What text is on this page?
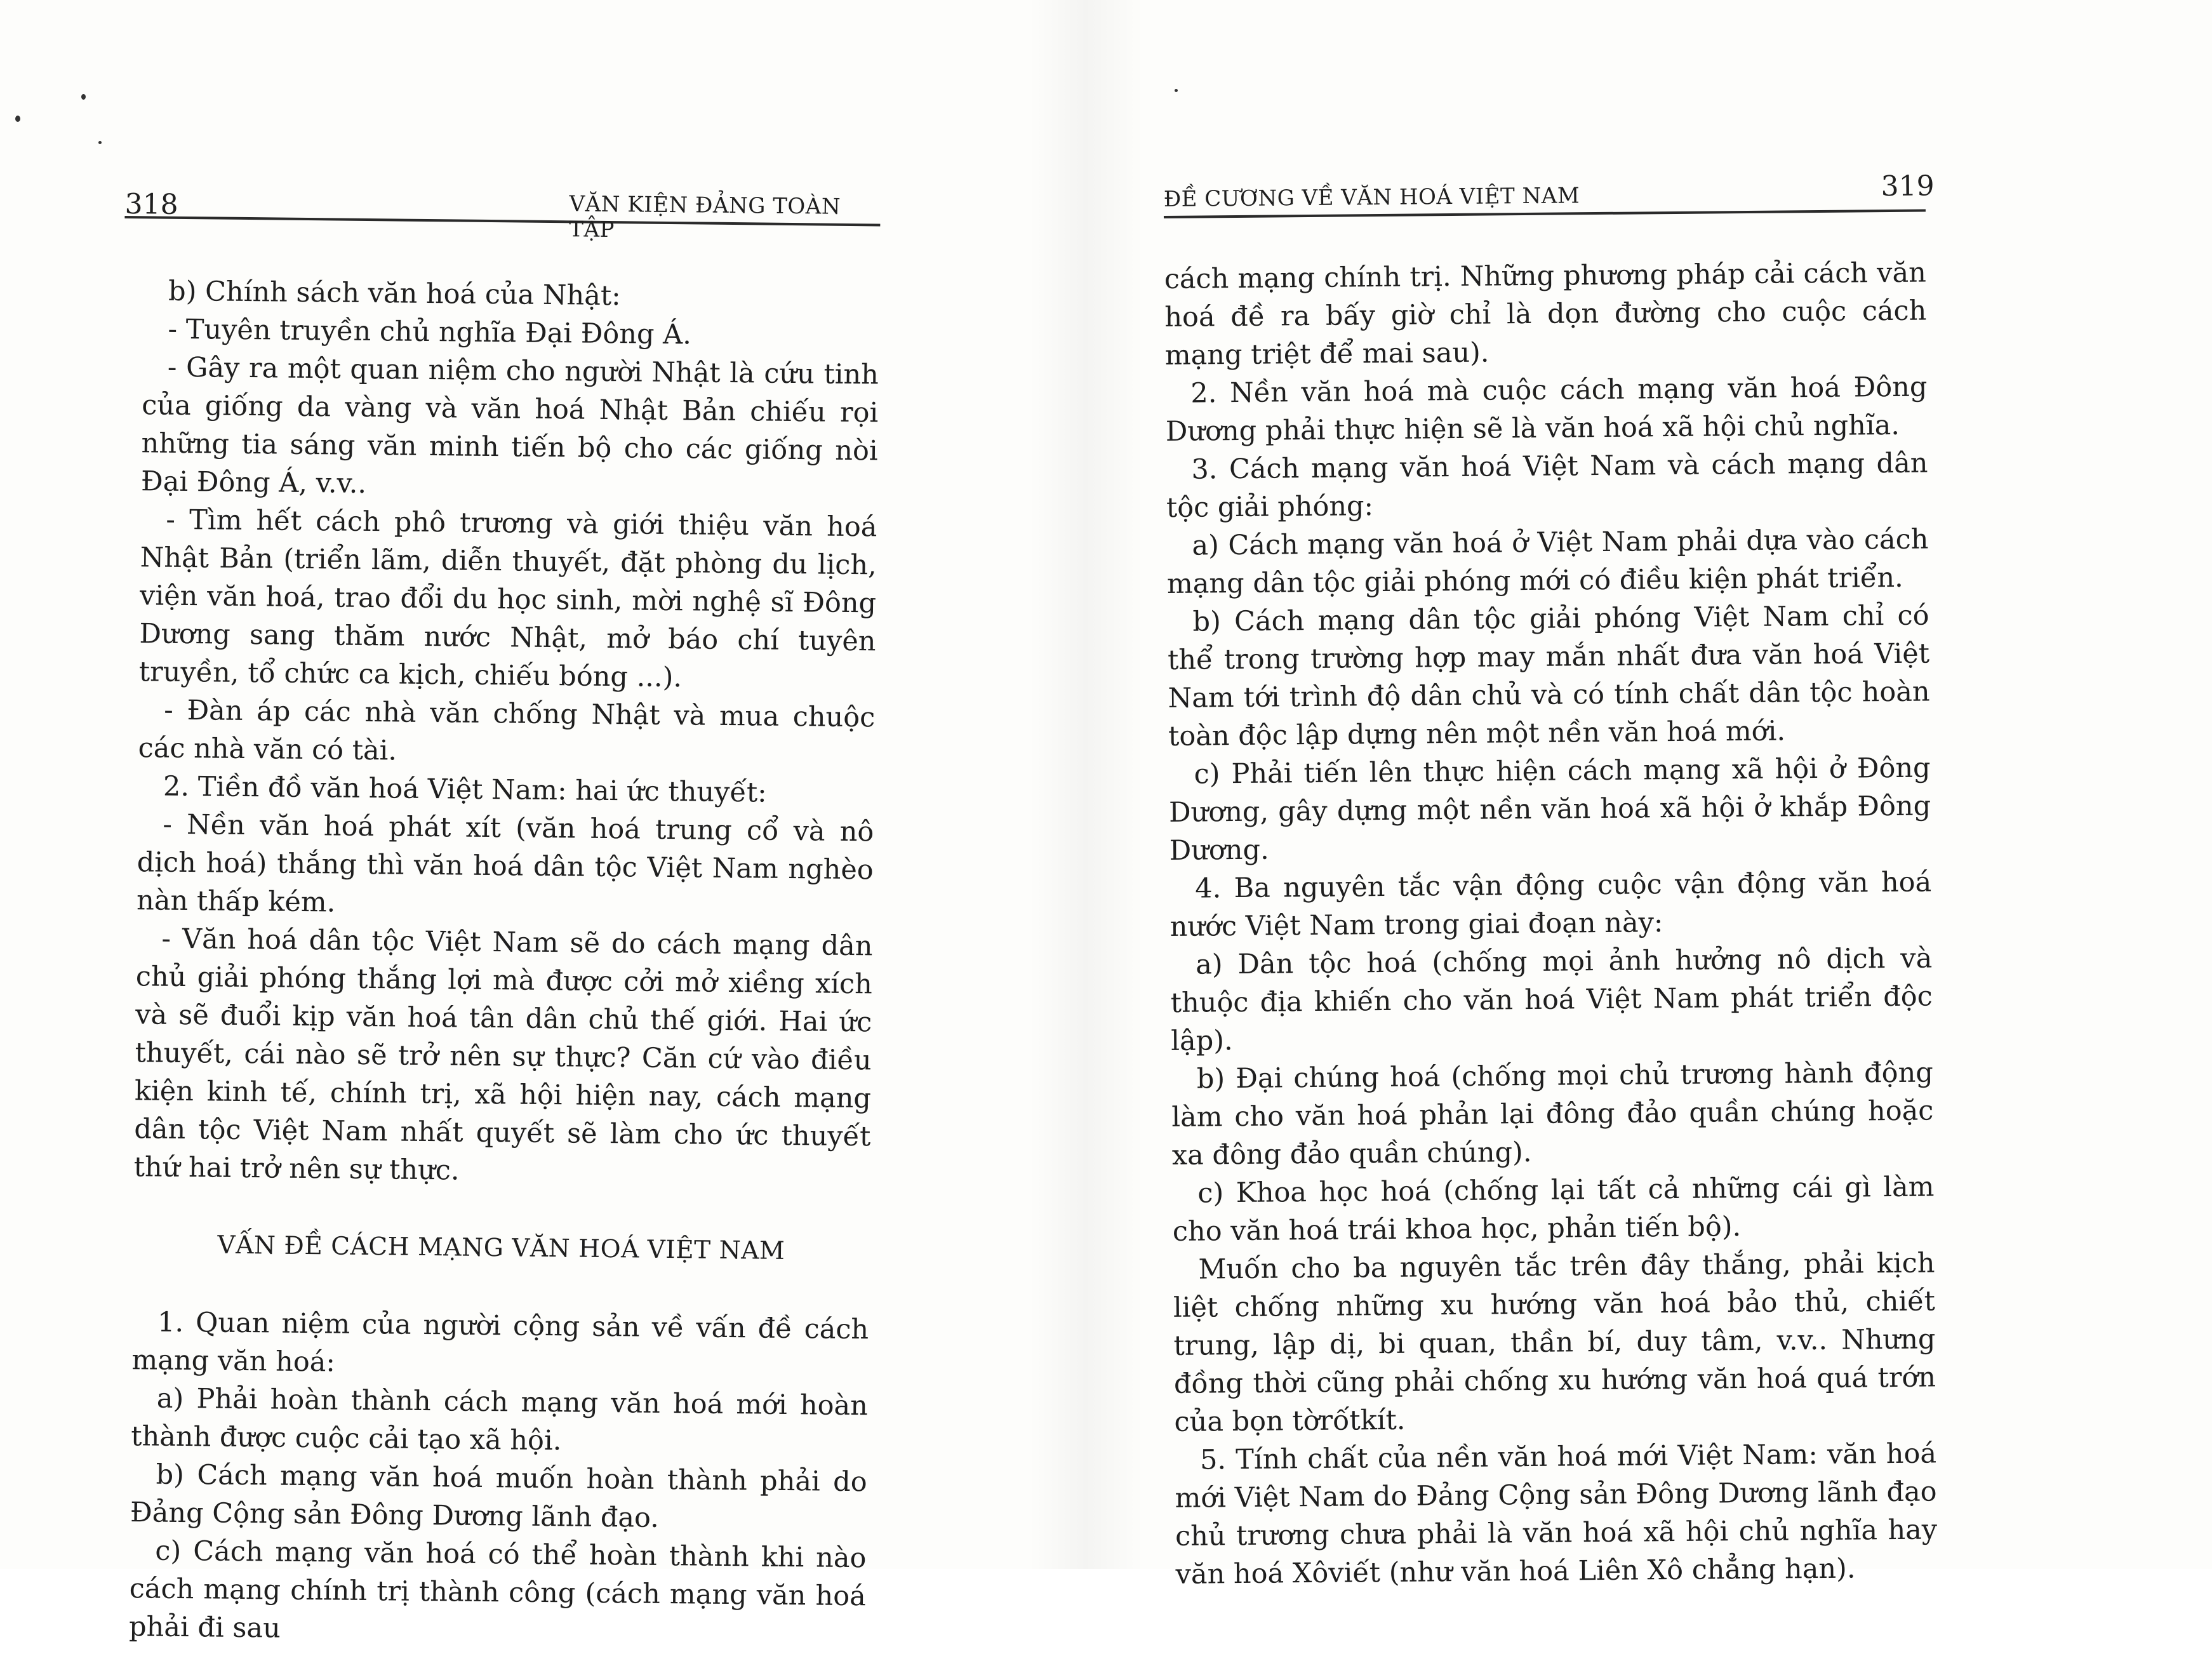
318	VĂN KIỆN ĐẢNG TOÀN TẬP

b) Chính sách văn hoá của Nhật:

- Tuyên truyền chủ nghĩa Đại Đông Á.

- Gây ra một quan niệm cho người Nhật là cứu tinh của giống da vàng và văn hoá Nhật Bản chiếu rọi những tia sáng văn minh tiến bộ cho các giống nòi Đại Đông Á, v.v..

- Tìm hết cách phô trương và giới thiệu văn hoá Nhật Bản (triển lãm, diễn thuyết, đặt phòng du lịch, viện văn hoá, trao đổi du học sinh, mời nghệ sĩ Đông Dương sang thăm nước Nhật, mở báo chí tuyên truyền, tổ chức ca kịch, chiếu bóng ...).

- Đàn áp các nhà văn chống Nhật và mua chuộc các nhà văn có tài.

2. Tiền đồ văn hoá Việt Nam: hai ức thuyết:

- Nền văn hoá phát xít (văn hoá trung cổ và nô dịch hoá) thắng thì văn hoá dân tộc Việt Nam nghèo nàn thấp kém.

- Văn hoá dân tộc Việt Nam sẽ do cách mạng dân chủ giải phóng thắng lợi mà được cởi mở xiềng xích và sẽ đuổi kịp văn hoá tân dân chủ thế giới. Hai ức thuyết, cái nào sẽ trở nên sự thực? Căn cứ vào điều kiện kinh tế, chính trị, xã hội hiện nay, cách mạng dân tộc Việt Nam nhất quyết sẽ làm cho ức thuyết thứ hai trở nên sự thực.

VẤN ĐỀ CÁCH MẠNG VĂN HOÁ VIỆT NAM

1. Quan niệm của người cộng sản về vấn đề cách mạng văn hoá:

a) Phải hoàn thành cách mạng văn hoá mới hoàn thành được cuộc cải tạo xã hội.

b) Cách mạng văn hoá muốn hoàn thành phải do Đảng Cộng sản Đông Dương lãnh đạo.

c) Cách mạng văn hoá có thể hoàn thành khi nào cách mạng chính trị thành công (cách mạng văn hoá phải đi sau

ĐỀ CƯƠNG VỀ VĂN HOÁ VIỆT NAM	319

cách mạng chính trị. Những phương pháp cải cách văn hoá đề ra bấy giờ chỉ là dọn đường cho cuộc cách mạng triệt để mai sau).

2. Nền văn hoá mà cuộc cách mạng văn hoá Đông Dương phải thực hiện sẽ là văn hoá xã hội chủ nghĩa.

3. Cách mạng văn hoá Việt Nam và cách mạng dân tộc giải phóng:

a) Cách mạng văn hoá ở Việt Nam phải dựa vào cách mạng dân tộc giải phóng mới có điều kiện phát triển.

b) Cách mạng dân tộc giải phóng Việt Nam chỉ có thể trong trường hợp may mắn nhất đưa văn hoá Việt Nam tới trình độ dân chủ và có tính chất dân tộc hoàn toàn độc lập dựng nên một nền văn hoá mới.

c) Phải tiến lên thực hiện cách mạng xã hội ở Đông Dương, gây dựng một nền văn hoá xã hội ở khắp Đông Dương.

4. Ba nguyên tắc vận động cuộc vận động văn hoá nước Việt Nam trong giai đoạn này:

a) Dân tộc hoá (chống mọi ảnh hưởng nô dịch và thuộc địa khiến cho văn hoá Việt Nam phát triển độc lập).

b) Đại chúng hoá (chống mọi chủ trương hành động làm cho văn hoá phản lại đông đảo quần chúng hoặc xa đông đảo quần chúng).

c) Khoa học hoá (chống lại tất cả những cái gì làm cho văn hoá trái khoa học, phản tiến bộ).

Muốn cho ba nguyên tắc trên đây thắng, phải kịch liệt chống những xu hướng văn hoá bảo thủ, chiết trung, lập dị, bi quan, thần bí, duy tâm, v.v.. Nhưng đồng thời cũng phải chống xu hướng văn hoá quá trớn của bọn tờrốtkít.

5. Tính chất của nền văn hoá mới Việt Nam: văn hoá mới Việt Nam do Đảng Cộng sản Đông Dương lãnh đạo chủ trương chưa phải là văn hoá xã hội chủ nghĩa hay văn hoá Xôviết (như văn hoá Liên Xô chẳng hạn).
